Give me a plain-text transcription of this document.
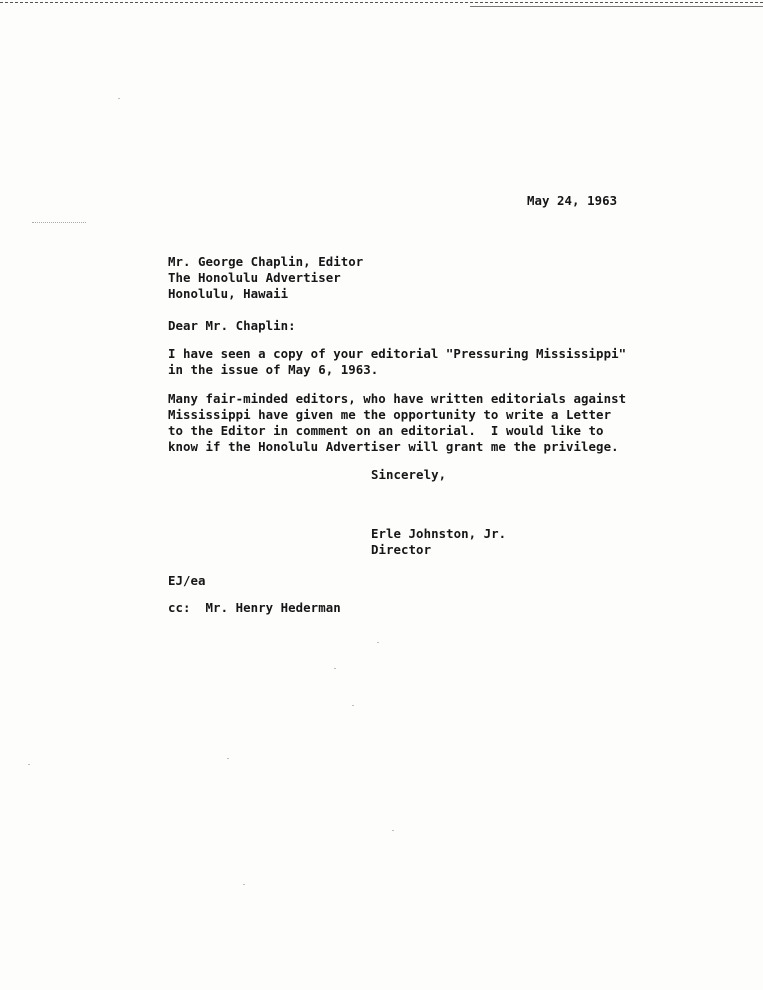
May 24, 1963
Mr. George Chaplin, Editor
The Honolulu Advertiser
Honolulu, Hawaii
Dear Mr. Chaplin:
I have seen a copy of your editorial "Pressuring Mississippi"
in the issue of May 6, 1963.
Many fair-minded editors, who have written editorials against
Mississippi have given me the opportunity to write a Letter
to the Editor in comment on an editorial.  I would like to
know if the Honolulu Advertiser will grant me the privilege.
Sincerely,
Erle Johnston, Jr.
Director
EJ/ea
cc:  Mr. Henry Hederman
